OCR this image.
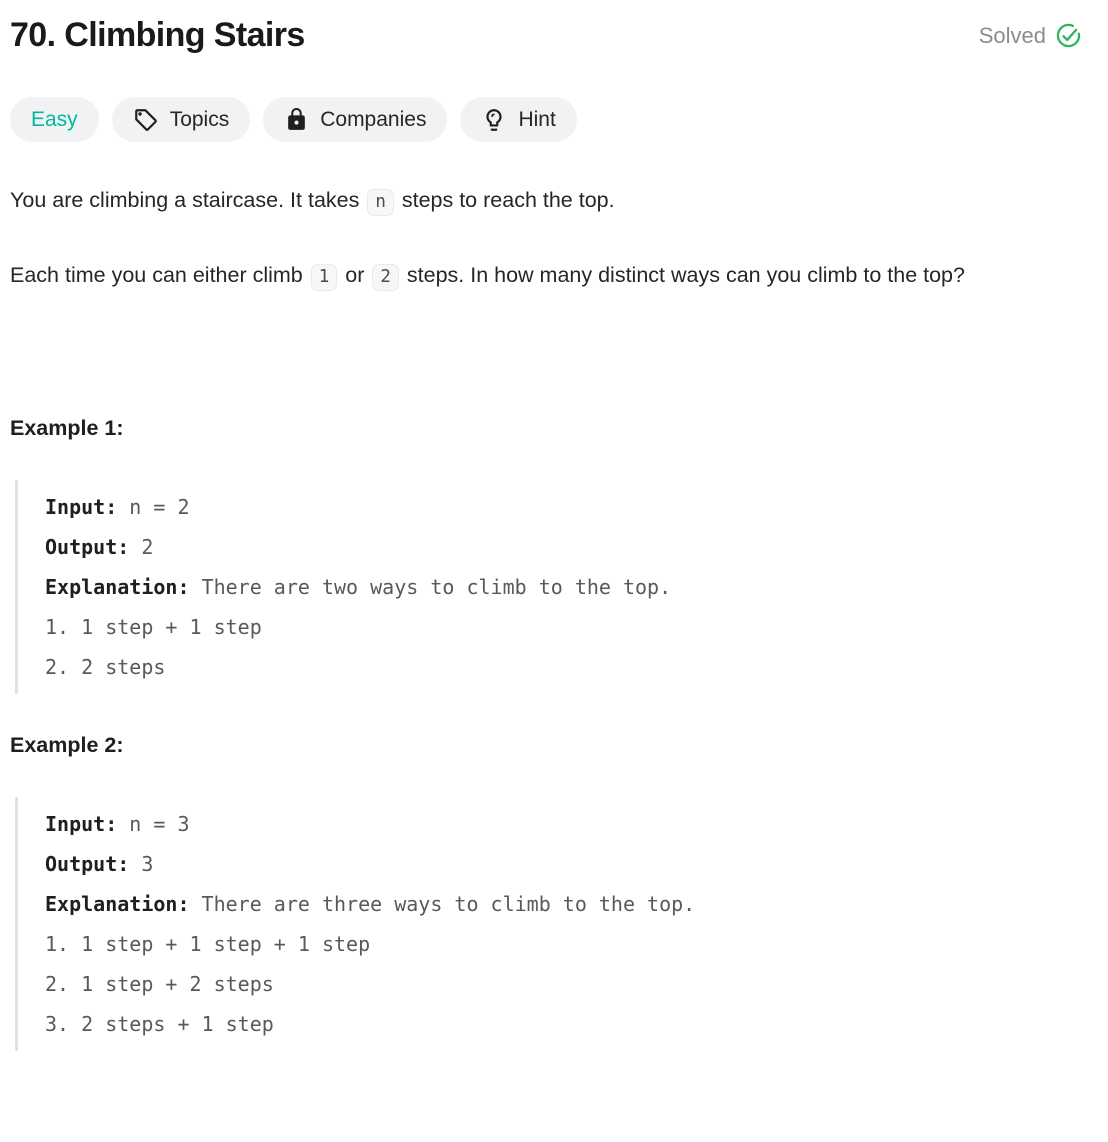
70. Climbing Stairs	Solved
Easy	Topics	Companies	Hint

You are climbing a staircase. It takes n steps to reach the top.

Each time you can either climb 1 or 2 steps. In how many distinct ways can you climb to the top?

Example 1:

Input: n = 2
Output: 2
Explanation: There are two ways to climb to the top.
1. 1 step + 1 step
2. 2 steps

Example 2:

Input: n = 3
Output: 3
Explanation: There are three ways to climb to the top.
1. 1 step + 1 step + 1 step
2. 1 step + 2 steps
3. 2 steps + 1 step
